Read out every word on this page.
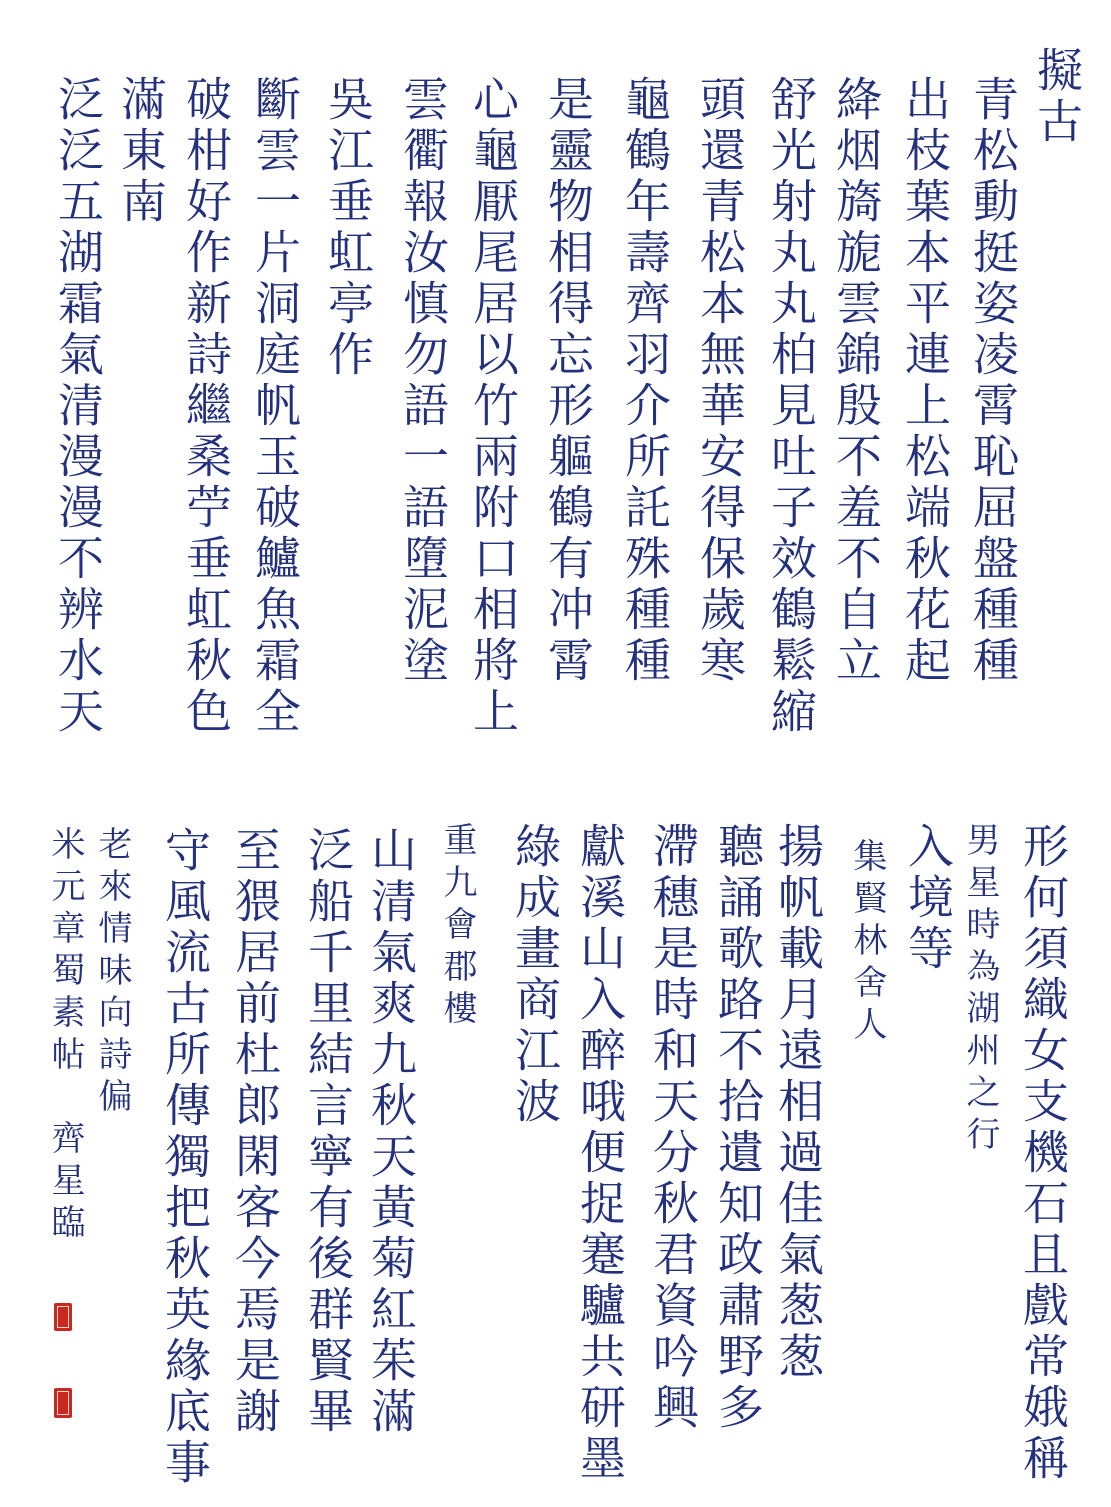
擬古
青松動挺姿凌霄恥屈盤種種
出枝葉本平連上松端秋花起
絳烟旖旎雲錦殷不羞不自立
舒光射丸丸柏見吐子效鶴鬆縮
頭還青松本無華安得保歲寒
龜鶴年壽齊羽介所託殊種種
是靈物相得忘形軀鶴有冲霄
心龜厭尾居以竹兩附口相將上
雲衢報汝慎勿語一語墮泥塗
吳江垂虹亭作
斷雲一片洞庭帆玉破鱸魚霜全
破柑好作新詩繼桑苧垂虹秋色
滿東南
泛泛五湖霜氣清漫漫不辨水天
形何須織女支機石且戲常娥稱
男星時為湖州之行
入境等
集賢林舍人
揚帆載月遠相過佳氣葱葱
聽誦歌路不拾遺知政肅野多
滯穗是時和天分秋君資吟興
獻溪山入醉哦便捉蹇驢共研墨
綠成畫商江波
重九會郡樓
山清氣爽九秋天黃菊紅茱滿
泛船千里結言寧有後群賢畢
至猥居前杜郎閑客今焉是謝
守風流古所傳獨把秋英緣底事
老來情味向詩偏
米元章蜀素帖　齊星臨
